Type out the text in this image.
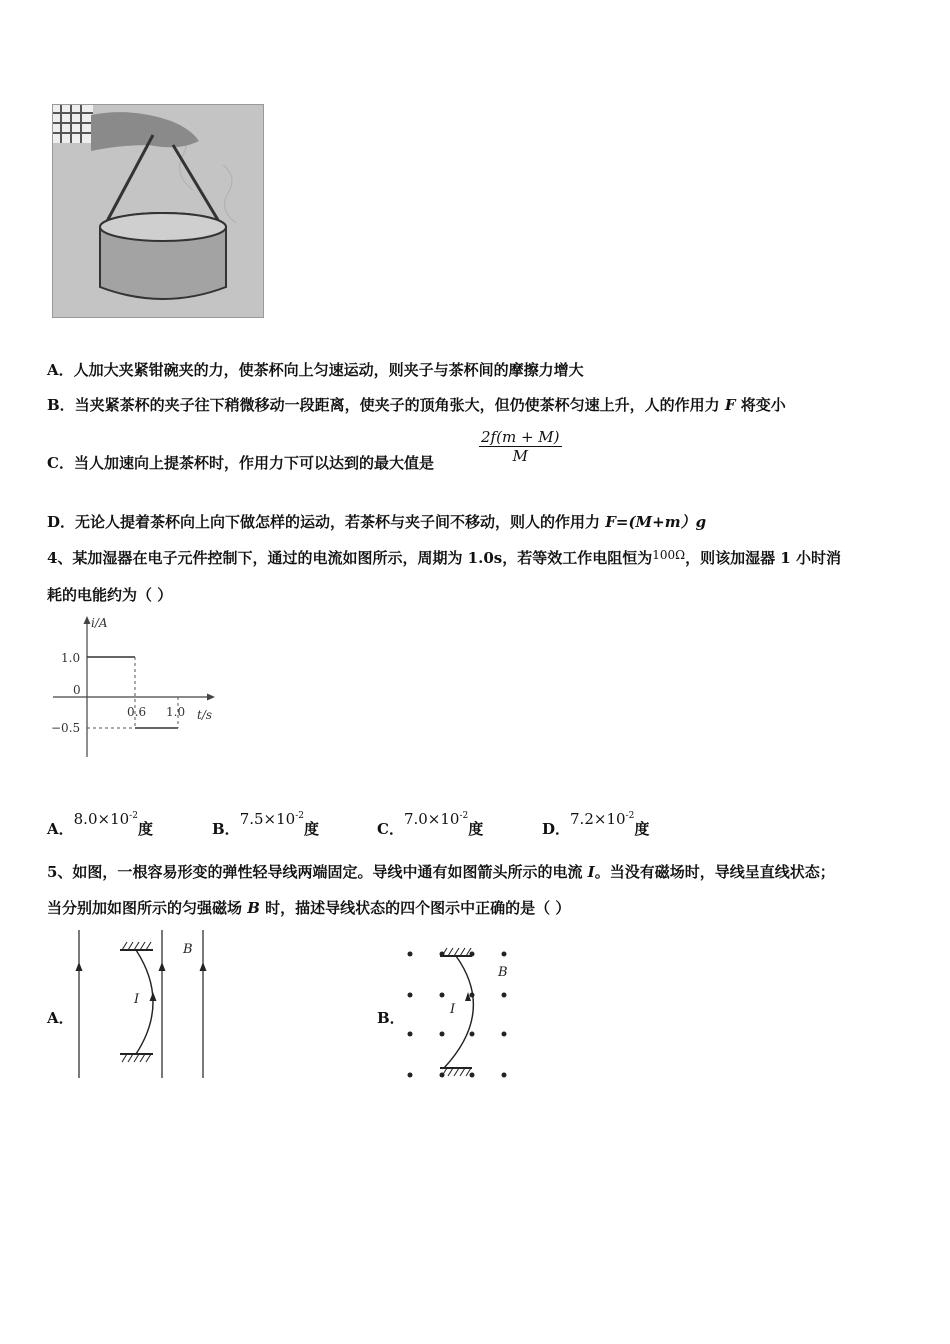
A．人加大夹紧钳碗夹的力，使茶杯向上匀速运动，则夹子与茶杯间的摩擦力增大
B．当夹紧茶杯的夹子往下稍微移动一段距离，使夹子的顶角张大，但仍使茶杯匀速上升，人的作用力 F 将变小
C．当人加速向上提茶杯时，作用力下可以达到的最大值是	$\frac{2f(m + M)}{M}$
D．无论人提着茶杯向上向下做怎样的运动，若茶杯与夹子间不移动，则人的作用力 F=(M+m）g
4、某加湿器在电子元件控制下，通过的电流如图所示，周期为 1.0s，若等效工作电阻恒为$^{100\Omega}$，则该加湿器 1 小时消
耗的电能约为（ ）
i/A
t/s
1.0
0
−0.5
0.6 1.0
A．$8.0\times 10^{-2}$度	B．$7.5\times 10^{-2}$度	C．$7.0\times 10^{-2}$度	D．$7.2\times 10^{-2}$度
5、如图，一根容易形变的弹性轻导线两端固定。导线中通有如图箭头所示的电流 I。当没有磁场时，导线呈直线状态；
当分别加如图所示的匀强磁场 B 时，描述导线状态的四个图示中正确的是（ ）
A．
I
B
B．	I
B
